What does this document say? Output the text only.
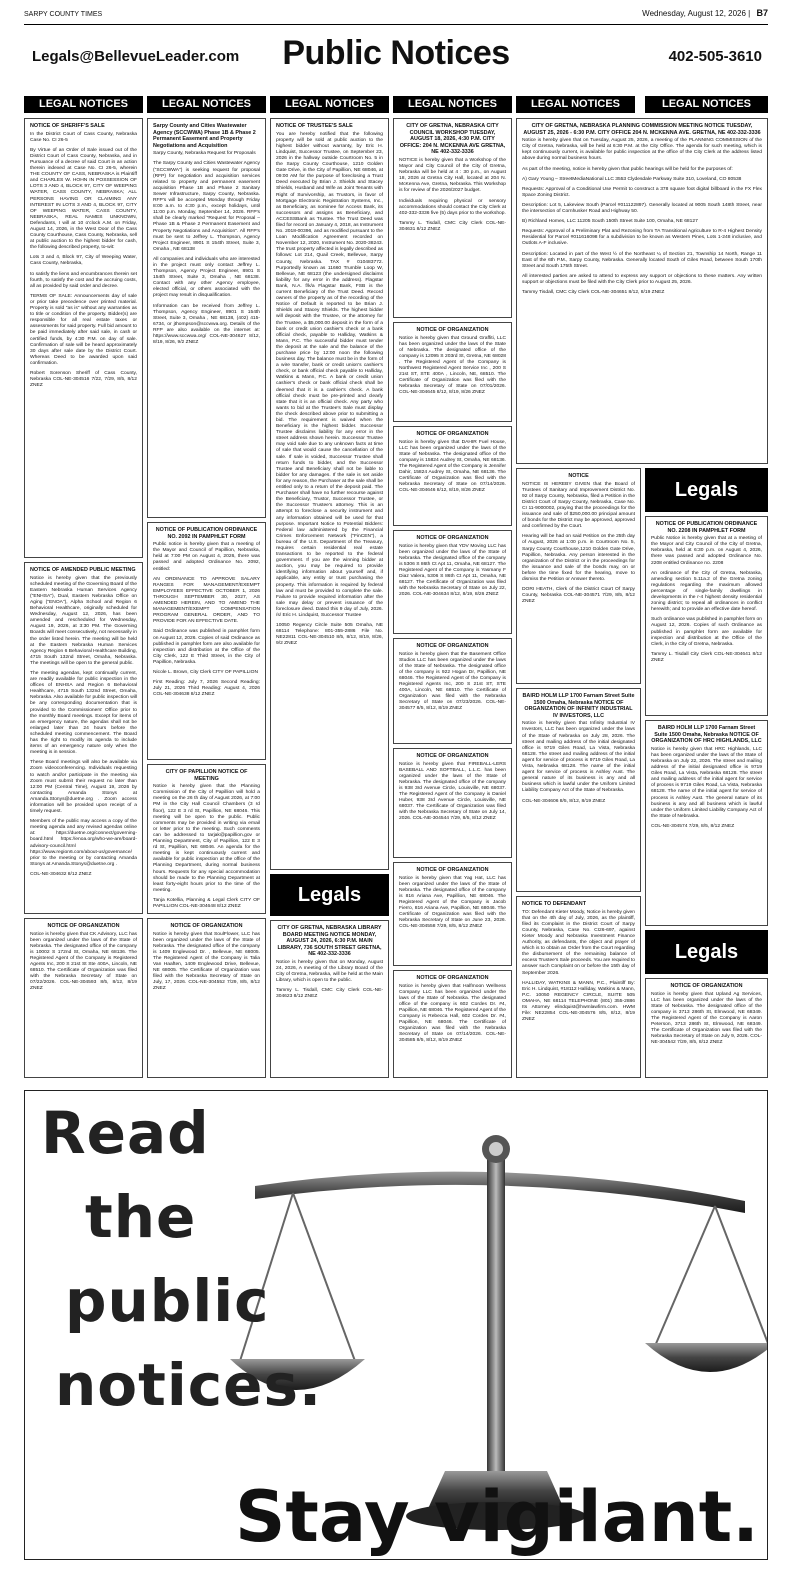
SARPY COUNTY TIMES	Wednesday, August 12, 2026 | B7
Legals@BellevueLeader.com	Public Notices	402-505-3610
LEGAL NOTICES	LEGAL NOTICES	LEGAL NOTICES	LEGAL NOTICES	LEGAL NOTICES	LEGAL NOTICES
NOTICE OF SHERIFF'S SALE

In the District Court of Cass County, Nebraska Case No. CI 26-5

By Virtue of an Order of Sale issued out of the District Court of Cass County, Nebraska, and in Pursuance of a decree of said Court in an action therein indexed at Case No. CI 26-5, wherein THE COUNTY OF CASS, NEBRASKA is Plaintiff and CHARLES W. HOHN IN POSSESSION OF LOTS 3 AND 4, BLOCK 97, CITY OF WEEPING WATER, CASS COUNTY, NEBRASKA; ALL PERSONS HAVING OR CLAIMING ANY INTEREST IN LOTS 3 AND 4, BLOCK 97, CITY OF WEEPING WATER, CASS COUNTY, NEBRASKA, REAL NAMES UNKNOWN, Defendants, I will at 10 o'clock A.M. on Friday, August 14, 2026, in the West Door of the Cass County Courthouse, Cass County, Nebraska, sell at public auction to the highest bidder for cash, the following described property, to-wit:

Lots 3 and 4, Block 97, City of Weeping Water, Cass County, Nebraska,

to satisfy the liens and encumbrances therein set fourth, to satisfy the cost and the accruing costs, all as provided by said order and decree.

TERMS OF SALE: Announcements day of sale or prior take precedence over printed material. Property is sold "as is" without any warranties as to title or condition of the property. Bidder(s) are responsible for all real estate taxes or assessments for said property. Full bid amount to be paid immediately after said sale, in cash or certified funds, by 4:30 P.M. on day of sale. Confirmation of sale will be heard approximately 30 days after sale date by the District Court. Whereas Deed to be awarded upon said confirmation.

Robert Sorenson Sheriff of Cass County, Nebraska COL-NE-304516 7/22, 7/29, 8/5, 8/12 ZNEZ

NOTICE OF AMENDED PUBLIC MEETING

Notice is hereby given that the previously scheduled meeting of the Governing Board of the Eastern Nebraska Human Services Agency ("ENHSA"), Dual, Eastern Nebraska Office on Aging ("ENOA"), Alpha School and Region 6 Behavioral Healthcare, originally scheduled for Wednesday, August 12, 2026, has been amended and rescheduled for Wednesday, August 19, 2026, at 3:30 PM. The Governing Boards will meet consecutively, not necessarily in the order listed herein. The meeting will be held at the Eastern Nebraska Human Services Agency Region 6 Behavioral Healthcare Building, 4715 South 132nd Street, Omaha, Nebraska. The meetings will be open to the general public.

The meeting agendas, kept continually current, are readily available for public inspection in the offices of ENHSA and Region 6 Behavioral Healthcare, 4715 South 132nd Street, Omaha, Nebraska. Also available for public inspection will be any corresponding documentation that is provided to the Commissioners' Office prior to the monthly Board meetings. Except for items of an emergency nature, the agendas shall not be enlarged later than 24 hours before the scheduled meeting commencement. The Board has the right to modify its agenda to include items of an emergency nature only when the meeting is in session.

These Board meetings will also be available via Zoom videoconferencing. Individuals requesting to watch and/or participate in the meeting via Zoom must submit their request no later than 12:00 PM (Central Time), August 19, 2026 by contacting Amanda Stonys at Amanda.Stonys@duetne.org . Zoom access information will be provided upon receipt of a timely request.

Members of the public may access a copy of the meeting agenda and any revised agendas online at: https://duetne.org/connect/governing-board.html https://enoa.org/who-we-are/board-advisory-council.html https://www.region6.com/about-us/governance/ prior to the meeting or by contacting Amanda Stonys at Amanda.Stonys@duetne.org .

COL-NE-304632 8/12 ZNEZ

NOTICE OF ORGANIZATION

Notice is hereby given that CK Advisory, LLC has been organized under the laws of the State of Nebraska. The designated office of the company is 10002 S 172nd St, Omaha, NE 68136. The Registered Agent of the Company is Registered Agents Inc, 200 S 21st St Ste 400A, Lincoln, NE 68510. The Certificate of Organization was filed with the Nebraska Secretary of State on 07/22/2026. COL-NE-304593 8/5, 8/12, 8/19 ZNEZ

Sarpy County and Cities Wastewater Agency (SCCWWA) Phase 1B & Phase 2 Permanent Easement and Property Negotiations and Acquisition

Sarpy County, Nebraska Request for Proposals

The Sarpy County and Cities Wastewater Agency ("SCCWWA") is seeking request for proposal (RFP) for negotiation and acquisition services related to property and permanent easement acquisition Phase 1B and Phase 2 Sanitary Sewer Infrastructure, Sarpy County, Nebraska. RFP's will be accepted Monday through Friday 8:00 a.m. to 4:30 p.m., except holidays, until 11:00 p.m. Monday, September 14, 2026. RFP's shall be clearly marked "Request for Proposal – Phase 1B & Phase 2 Permanent Easement and Property Negotiations and Acquisition". All RFP's must be sent to Jeffrey L. Thompson, Agency Project Engineer, 8901 S 154th Street, Suite 3, Omaha , NE 68138

All companies and individuals who are interested in the project must only contact Jeffrey L. Thompson, Agency Project Engineer, 8901 S 154th Street, Suite 3, Omaha , NE 68138. Contact with any other Agency employee, elected official, or others associated with the project may result in disqualification.

Information can be received from Jeffrey L. Thompson, Agency Engineer, 8901 S 154th Street, Suite 3, Omaha , NE 68138, (402) 415-6734, or jthompson@sccwwa.org. Details of the RFP are also available on the internet at: https://www.sccwwa.org/ COL-NE-304627 8/12, 8/19, 8/26, 9/2 ZNEZ

NOTICE OF PUBLICATION ORDINANCE NO. 2092 IN PAMPHLET FORM

Public notice is hereby given that a meeting of the Mayor and Council of Papillion, Nebraska, held at 7:00 PM on August 4, 2026, there was passed and adopted Ordinance No. 2092, entitled:

AN ORDINANCE TO APPROVE SALARY RANGES FOR MANAGEMENT/EXEMPT EMPLOYEES EFFECTIVE OCTOBER 1, 2026 THROUGH SEPTEMBER 30, 2027, AS AMENDED HEREIN, AND TO AMEND THE MANAGEMENT/EXEMPT COMPENSATION PROGRAM GENERAL ORDER, AND TO PROVIDE FOR AN EFFECTIVE DATE.

Said Ordinance was published in pamphlet form on August 12, 2026. Copies of said Ordinance as published in pamphlet form are also available for inspection and distribution at the Office of the City Clerk, 122 E Third Street, in the City of Papillion, Nebraska.

Nicole L. Brown, City Clerk CITY OF PAPILLION

First Reading: July 7, 2026 Second Reading: July 21, 2026 Third Reading: August 4, 2026 COL-NE-304638 8/12 ZNEZ

CITY OF PAPILLION NOTICE OF MEETING

Notice is hereby given that the Planning Commission of the City of Papillion will hold a meeting on the 26 th day of August 2026, at 7:00 PM in the City Hall Council Chambers (3 rd floor), 122 E 3 rd St, Papillion, NE 68046. This meeting will be open to the public. Public comments may be provided in writing via email or letter prior to the meeting. Such comments can be addressed to tarjak@papillion.gov or Planning Department, City of Papillion, 122 E 3 rd St, Papillion, NE 68046. An agenda for the meeting is kept continuously current and available for public inspection at the office of the Planning Department, during normal business hours. Requests for any special accommodation should be made to the Planning Department at least forty-eight hours prior to the time of the meeting.

Tanja Kotellia, Planning & Legal Clerk CITY OF PAPILLION COL-NE-304648 8/12 ZNEZ

NOTICE OF ORGANIZATION

Notice is hereby given that SoulFlower, LLC has been organized under the laws of the State of Nebraska. The designated office of the company is 1409 Englewood Dr. , Bellevue, NE 68005. The Registered Agent of the Company is Talia Van Haaften, 1409 Englewood Drive, Bellevue, NE 68005. The Certificate of Organization was filed with the Nebraska Secretary of State on July, 17, 2026. COL-NE-304552 7/29, 8/5, 8/12 ZNEZ

NOTICE OF TRUSTEE'S SALE

You are hereby notified that the following property will be sold at public auction to the highest bidder without warranty, by Eric H. Lindquist, Successor Trustee, on September 23, 2026 in the hallway outside Courtroom No. 5 in the Sarpy County Courthouse, 1210 Golden Gate Drive, in the City of Papillion, NE 68046, at 09:00 AM for the purpose of foreclosing a Trust Deed executed by Brian J. Shields and Stacey Shields, Husband and Wife as Joint Tenants with Right of Survivorship, as Trustors, in favor of Mortgage Electronic Registration Systems, Inc., as Beneficiary, as nominee for Access Bank, its successors and assigns as Beneficiary, and ACCESSBank as Trustee. The Trust Deed was filed for record on January 4, 2018, as Instrument No. 2018-00396, and as modified pursuant to the Loan Modification Agreement recorded on November 12, 2020, Instrument No. 2020-38243. The trust property affected is legally described as follows: Lot 214, Quail Creek, Bellevue, Sarpy County, Nebraska. TAX # 010483772. Purportedly known as 11660 Trumble Loop W, Bellevue, NE 68123 (the undersigned disclaims liability for any error in the address). Flagstar Bank, N.A. f/k/a Flagstar Bank, FSB is the current Beneficiary of the Trust Deed. Record owners of the property as of the recording of the Notice of Default is reported to be Brian J. Shields and Stacey Shields. The highest bidder will deposit with the Trustee, or the attorney for the Trustee, a $5,000.00 deposit in the form of a bank or credit union cashier's check or a bank official check, payable to Halliday, Watkins & Mann, P.C. The successful bidder must tender the deposit at the sale and the balance of the purchase price by 12:00 noon the following business day. The balance must be in the form of a wire transfer, bank or credit union's cashier's check, or bank official check payable to Halliday, Watkins & Mann, P.C. A bank or credit union cashier's check or bank official check shall be deemed that it is a cashier's check. A bank official check must be pre-printed and clearly state that it is an official check. Any party who wants to bid at the Trustee's Sale must display the check described above prior to submitting a bid. The requirement is waived when the Beneficiary is the highest bidder. Successor Trustee disclaims liability for any error in the street address shown herein. Successor Trustee may void sale due to any unknown facts at time of sale that would cause the cancellation of the sale. If sale is voided, Successor Trustee shall return funds to bidder, and the Successor Trustee and Beneficiary shall not be liable to bidder for any damages. If the sale is set aside for any reason, the Purchaser at the sale shall be entitled only to a return of the deposit paid. The Purchaser shall have no further recourse against the Beneficiary, Trustor, Successor Trustee, or the Successor Trustee's attorney. This is an attempt to foreclose a security instrument and any information obtained will be used for that purpose. Important Notice to Potential Bidders: Federal law administered by the Financial Crimes Enforcement Network ("FinCEN"), a bureau of the U.S. Department of the Treasury, requires certain residential real estate transactions to be reported to the federal government. If you are the winning bidder at auction, you may be required to provide identifying information about yourself and, if applicable, any entity or trust purchasing the property. This information is required by federal law and must be provided to complete the sale. Failure to provide required information after the sale may delay or prevent issuance of the foreclosure deed. Dated this 9 day of July, 2026. /s/ Eric H. Lindquist, Successor Trustee

10050 Regency Circle Suite 505 Omaha, NE 68114 Telephone: 801-355-2886 File No. NE22811 COL-NE-304510 8/5, 8/12, 8/19, 8/26, 9/2 ZNEZ

Legals
CITY OF GRETNA, NEBRASKA LIBRARY BOARD MEETING NOTICE MONDAY, AUGUST 24, 2026, 6:30 P.M. MAIN LIBRARY, 736 SOUTH STREET GRETNA, NE 402-332-3336

Notice is hereby given that on Monday, August 24, 2026, A meeting of the Library Board of the City of Gretna, Nebraska, will be held at the Main Library, which is open to the public.

Tammy L. Tisdall, CMC City Clerk COL-NE-304623 8/12 ZNEZ

CITY OF GRETNA, NEBRASKA CITY COUNCIL WORKSHOP TUESDAY, AUGUST 18, 2026, 4:30 P.M. CITY OFFICE: 204 N. MCKENNA AVE GRETNA, NE 402-332-3336

NOTICE is hereby given that a Workshop of the Mayor and City Council of the City of Gretna, Nebraska will be held at 4 : 30 p.m., on August 18, 2026 at Gretna City Hall, located at 204 N. McKenna Ave, Gretna, Nebraska. This Workshop is for review of the 2026/2027 budget.

Individuals requiring physical or sensory accommodations should contact the City Clerk at 402-332-3336 five (5) days prior to the workshop.

Tammy L. Tisdall, CMC City Clerk COL-NE-304631 8/12 ZNEZ

NOTICE OF ORGANIZATION

Notice is hereby given that Ground Graffiti, LLC has been organized under the laws of the State of Nebraska. The designated office of the company is 12095 S 203rd St, Gretna, NE 68028 . The Registered Agent of the Company is Northwest Registered Agent Service Inc , 200 S 21st ST, STE 400A , Lincoln, NE, 68510. The Certificate of Organization was filed with the Nebraska Secretary of State on 07/01/2026. COL-NE-304645 8/12, 8/19, 8/26 ZNEZ

NOTICE OF ORGANIZATION

Notice is hereby given that DAHIR Fuel House, LLC has been organized under the laws of the State of Nebraska. The designated office of the company is 15824 Audrey St, Omaha, NE 68136. The Registered Agent of the Company is Jennifer Dahir, 15824 Audrey St, Omaha, NE 68136. The Certificate of Organization was filed with the Nebraska Secretary of State on 07/14/2026. COL-NE-304646 8/12, 8/19, 8/26 ZNEZ

NOTICE OF ORGANIZATION

Notice is hereby given that YDV Moving LLC has been organized under the laws of the State of Nebraska. The designated office of the company is 5306 S 86th Ct Apt 11, Omaha, NE 68127. The Registered Agent of the Company is Yasmany F Diaz Valera, 5306 S 86th Ct Apt 11, Omaha, NE 68127. The Certificate of Organization was filed with the Nebraska Secretary of State on July 22, 2026. COL-NE-304634 8/12, 8/19, 8/26 ZNEZ

NOTICE OF ORGANIZATION

Notice is hereby given that the Basement Office Studios LLC has been organized under the laws of the State of Nebraska. The designated office of the company is 922 Hogan Dr, Papillion, NE 68046. The Registered Agent of the Company is Registered Agents Inc, 200 S 21st ST, STE 400A, Lincoln, NE 68510. The Certificate of Organization was filed with the Nebraska Secretary of State on 07/23/2026. COL-NE-304577 8/5, 8/12, 8/19 ZNEZ

NOTICE OF ORGANIZATION

Notice is hereby given that FIREBALL-LERS BASEBALL AND SOFTBALL, L.L.C. has been organized under the laws of the State of Nebraska. The designated office of the company is 938 3rd Avenue Circle, Louisville, NE 68037. The Registered Agent of the Company is Daniel Huber, 938 3rd Avenue Circle, Louisville, NE 68037. The Certificate of Organization was filed with the Nebraska Secretary of State on July 14, 2026. COL-NE-304544 7/29, 8/5, 8/12 ZNEZ

NOTICE OF ORGANIZATION

Notice is hereby given that Yag Hat, LLC has been organized under the laws of the State of Nebraska. The designated office of the company is 816 Ariana Ave, Papillion, NE 68046. The Registered Agent of the Company is Jacob Fierro, 816 Ariana Ave, Papillion, NE 68046. The Certificate of Organization was filed with the Nebraska Secretary of State on June 23, 2026. COL-NE-304558 7/29, 8/5, 8/12 ZNEZ

NOTICE OF ORGANIZATION

Notice is hereby given that Halfmoon Wellness Company LLC has been organized under the laws of the State of Nebraska. The designated office of the company is 602 Cordes Dr. #4, Papillion, NE 68046. The Registered Agent of the Company is Rebecca Hall, 602 Cordes Dr. #4, Papillion, NE 68046. The Certificate of Organization was filed with the Nebraska Secretary of State on 07/14/2026. COL-NE-304585 8/5, 8/12, 8/19 ZNEZ

CITY OF GRETNA, NEBRASKA PLANNING COMMISSION MEETING NOTICE TUESDAY, AUGUST 25, 2026 - 6:30 P.M. CITY OFFICE 204 N. MCKENNA AVE. GRETNA, NE 402-332-3336

Notice is hereby given that on Tuesday, August 25, 2026, a meeting of the PLANNING COMMISSION of the City of Gretna, Nebraska, will be held at 6:30 P.M. at the City Office. The agenda for such meeting, which is kept continuously current, is available for public inspection at the office of the City Clerk at the address listed above during normal business hours.

As part of the meeting, notice is hereby given that public hearings will be held for the purposes of:

A) Gary Young – StreetMediaNational LLC 3553 Clydesdale Parkway Suite 310, Loveland, CO 80538

Requests: Approval of a Conditional Use Permit to construct a 378 square foot digital billboard in the FX Flex Space Zoning District.

Description: Lot 5, Lakeview South (Parcel #011122897). Generally located at 9005 South 148th Street, near the intersection of Cornhusker Road and Highway 50.

B) Richland Homes, LLC 11205 South 150th Street Suite 100, Omaha, NE 68127

Requests: Approval of a Preliminary Plat and Rezoning from TA Transitional Agriculture to R-4 Highest Density Residential for Parcel #011616098 for a subdivision to be known as Western Pines, Lots 1-248 inclusive, and Outlots A-F inclusive.

Description: Located in part of the West ½ of the Northeast ¼ of Section 21, Township 14 North, Range 11 East of the 6th P.M., Sarpy County, Nebraska. Generally located South of Giles Road, between South 170th Street and South 175th Street.

All interested parties are asked to attend to express any support or objections to these matters. Any written support or objections must be filed with the City Clerk prior to August 25, 2026.

Tammy Tisdall, CMC City Clerk COL-NE-304651 8/12, 8/19 ZNEZ

NOTICE

NOTICE IS HEREBY GIVEN that the Board of Trustees of Sanitary and Improvement District No. 92 of Sarpy County, Nebraska, filed a Petition in the District Court of Sarpy County, Nebraska, Case No. CI 11-9000002, praying that the proceedings for the issuance and sale of $250,000.00 principal amount of bonds for the District may be approved, approved and confirmed by the Court.

Hearing will be had on said Petition on the 25th day of August, 2026 at 1:00 p.m. in Courtroom No. 5, Sarpy County Courthouse,1210 Golden Gate Drive, Papillion, Nebraska. Any person interested in the organization of the District or in the proceedings for the issuance and sale of the bonds may, on or before the time fixed for the hearing, move to dismiss the Petition or Answer thereto.

DORI HEATH, Clerk of the District Court Of Sarpy County, Nebraska COL-NE-304571 7/29, 8/5, 8/12 ZNEZ

BAIRD HOLM LLP 1700 Farnam Street Suite 1500 Omaha, Nebraska NOTICE OF ORGANIZATION OF INFINITY INDUSTRIAL IV INVESTORS, LLC

Notice is hereby given that Infinity Industrial IV Investors, LLC has been organized under the laws of the State of Nebraska on July 28, 2026. The street and mailing address of the initial designated office is 9719 Giles Road, La Vista, Nebraska 68128. The street and mailing address of the initial agent for service of process is 9719 Giles Road, La Vista, Nebraska 68128. The name of the initial agent for service of process is Ashley Aust. The general nature of its business is any and all business which is lawful under the Uniform Limited Liability Company Act of the State of Nebraska.

COL-NE-304606 8/5, 8/12, 8/19 ZNEZ

NOTICE TO DEFENDANT

TO: Defendant Kieter Moody, Notice is hereby given that on the 4th day of July, 2026, as the plaintiff, filed its Complaint in the District Court of Sarpy County, Nebraska, Case No. CI26-697, against Kieter Moody and Nebraska Investment Finance Authority, as defendants, the object and prayer of which is to obtain an Order from the Court regarding the disbursement of the remaining balance of excess Trustee's Sale proceeds. You are required to answer such Complaint on or before the 15th day of September 2026.

HALLIDAY, WATKINS & MANN, P.C., Plaintiff By: Eric H. Lindquist, #18112 Halliday, Watkins & Mann, P.C. 10050 REGENCY CIRCLE, SUITE 505 OMAHA, NE 68114 TELEPHONE (801) 355-2886 Its Attorney elindquist@hwmlawfirm.com. HWM File: NE22854 COL-NE-304576 8/5, 8/12, 8/19 ZNEZ

Legals
NOTICE OF PUBLICATION ORDINANCE NO. 2208 IN PAMPHLET FORM

Public Notice is hereby given that at a meeting of the Mayor and City Council of the City of Gretna, Nebraska, held at 6:30 p.m. on August 4, 2026, there was passed and adopted Ordinance No. 2208 entitled Ordinance no. 2208

An ordinance of the City of Gretna, Nebraska, amending section 5.11a.2 of the Gretna zoning regulations regarding the maximum allowed percentage of single-family dwellings in developments in the r-4 highest density residential zoning district; to repeal all ordinances in conflict herewith; and to provide an effective date hereof.

Such ordinance was published in pamphlet form on August 12, 2026. Copies of such Ordinance as published in pamphlet form are available for inspection and distribution at the Office of the Clerk, in the City of Gretna, Nebraska.

Tammy L. Tisdall City Clerk COL-NE-304641 8/12 ZNEZ

BAIRD HOLM LLP 1700 Farnam Street Suite 1500 Omaha, Nebraska NOTICE OF ORGANIZATION OF HRC HIGHLANDS, LLC

Notice is hereby given that HRC Highlands, LLC has been organized under the laws of the State of Nebraska on July 22, 2026. The street and mailing address of the initial designated office is 9719 Giles Road, La Vista, Nebraska 68128. The street and mailing address of the initial agent for service of process is 9719 Giles Road, La Vista, Nebraska 68128. The name of the initial agent for service of process is Ashley Aust. The general nature of its business is any and all business which is lawful under the Uniform Limited Liability Company Act of the State of Nebraska.

COL-NE-304574 7/29, 8/5, 8/12 ZNEZ

Legals
NOTICE OF ORGANIZATION

Notice is hereby given that Upland Ag Services, LLC has been organized under the laws of the State of Nebraska. The designated office of the company is 3713 286th St, Elmwood, NE 68349. The Registered Agent of the Company is Aaron Peterson, 3713 286th St, Elmwood, NE 68349. The Certificate of Organization was filed with the Nebraska Secretary of State on July 9, 2026. COL-NE-304542 7/29, 8/5, 8/12 ZNEZ

Read
the
public
notices.
Stay vigilant.
